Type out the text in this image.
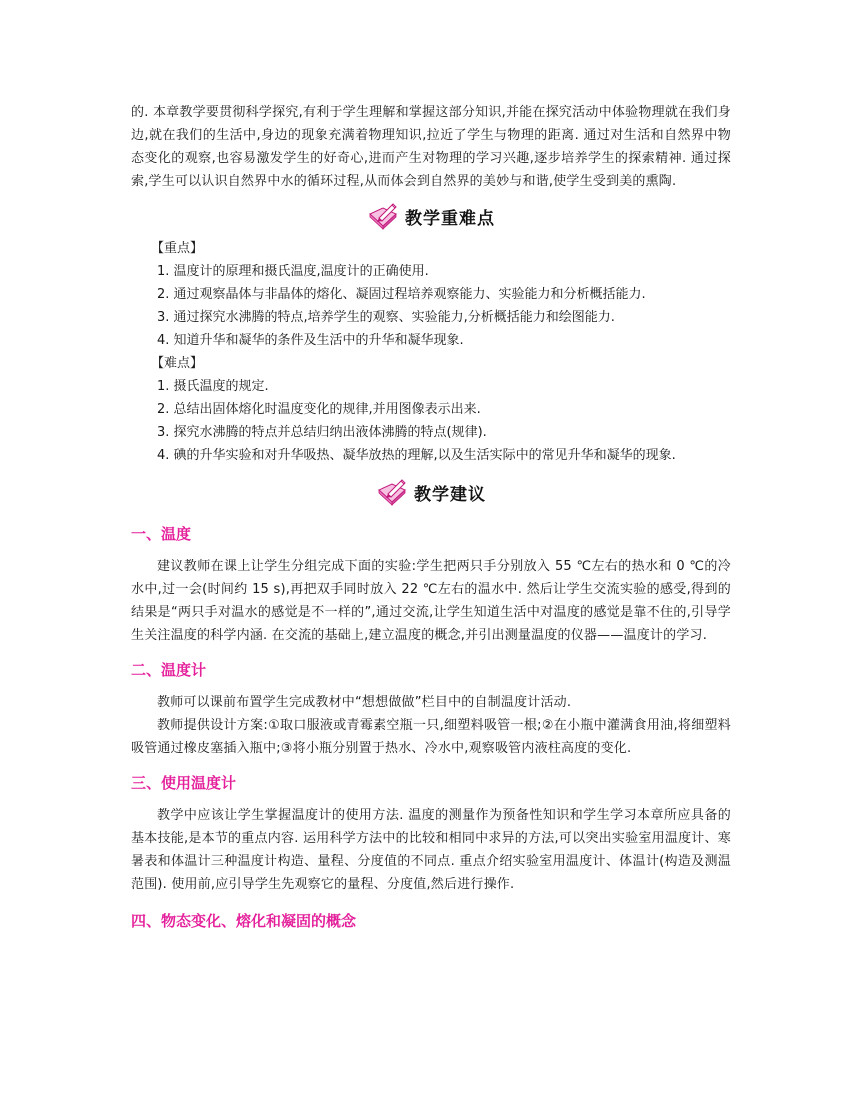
的. 本章教学要贯彻科学探究,有利于学生理解和掌握这部分知识,并能在探究活动中体验物理就在我们身边,就在我们的生活中,身边的现象充满着物理知识,拉近了学生与物理的距离. 通过对生活和自然界中物态变化的观察,也容易激发学生的好奇心,进而产生对物理的学习兴趣,逐步培养学生的探索精神. 通过探索,学生可以认识自然界中水的循环过程,从而体会到自然界的美妙与和谐,使学生受到美的熏陶.

教学重难点
【重点】
1. 温度计的原理和摄氏温度,温度计的正确使用.
2. 通过观察晶体与非晶体的熔化、凝固过程培养观察能力、实验能力和分析概括能力.
3. 通过探究水沸腾的特点,培养学生的观察、实验能力,分析概括能力和绘图能力.
4. 知道升华和凝华的条件及生活中的升华和凝华现象.
【难点】
1. 摄氏温度的规定.
2. 总结出固体熔化时温度变化的规律,并用图像表示出来.
3. 探究水沸腾的特点并总结归纳出液体沸腾的特点(规律).
4. 碘的升华实验和对升华吸热、凝华放热的理解,以及生活实际中的常见升华和凝华的现象.
教学建议
一、温度

建议教师在课上让学生分组完成下面的实验:学生把两只手分别放入 55 ℃左右的热水和 0 ℃的冷水中,过一会(时间约 15 s),再把双手同时放入 22 ℃左右的温水中. 然后让学生交流实验的感受,得到的结果是“两只手对温水的感觉是不一样的”,通过交流,让学生知道生活中对温度的感觉是靠不住的,引导学生关注温度的科学内涵. 在交流的基础上,建立温度的概念,并引出测量温度的仪器——温度计的学习.

二、温度计

教师可以课前布置学生完成教材中“想想做做”栏目中的自制温度计活动.

教师提供设计方案:①取口服液或青霉素空瓶一只,细塑料吸管一根;②在小瓶中灌满食用油,将细塑料吸管通过橡皮塞插入瓶中;③将小瓶分别置于热水、冷水中,观察吸管内液柱高度的变化.

三、使用温度计

教学中应该让学生掌握温度计的使用方法. 温度的测量作为预备性知识和学生学习本章所应具备的基本技能,是本节的重点内容. 运用科学方法中的比较和相同中求异的方法,可以突出实验室用温度计、寒暑表和体温计三种温度计构造、量程、分度值的不同点. 重点介绍实验室用温度计、体温计(构造及测温范围). 使用前,应引导学生先观察它的量程、分度值,然后进行操作.

四、物态变化、熔化和凝固的概念
